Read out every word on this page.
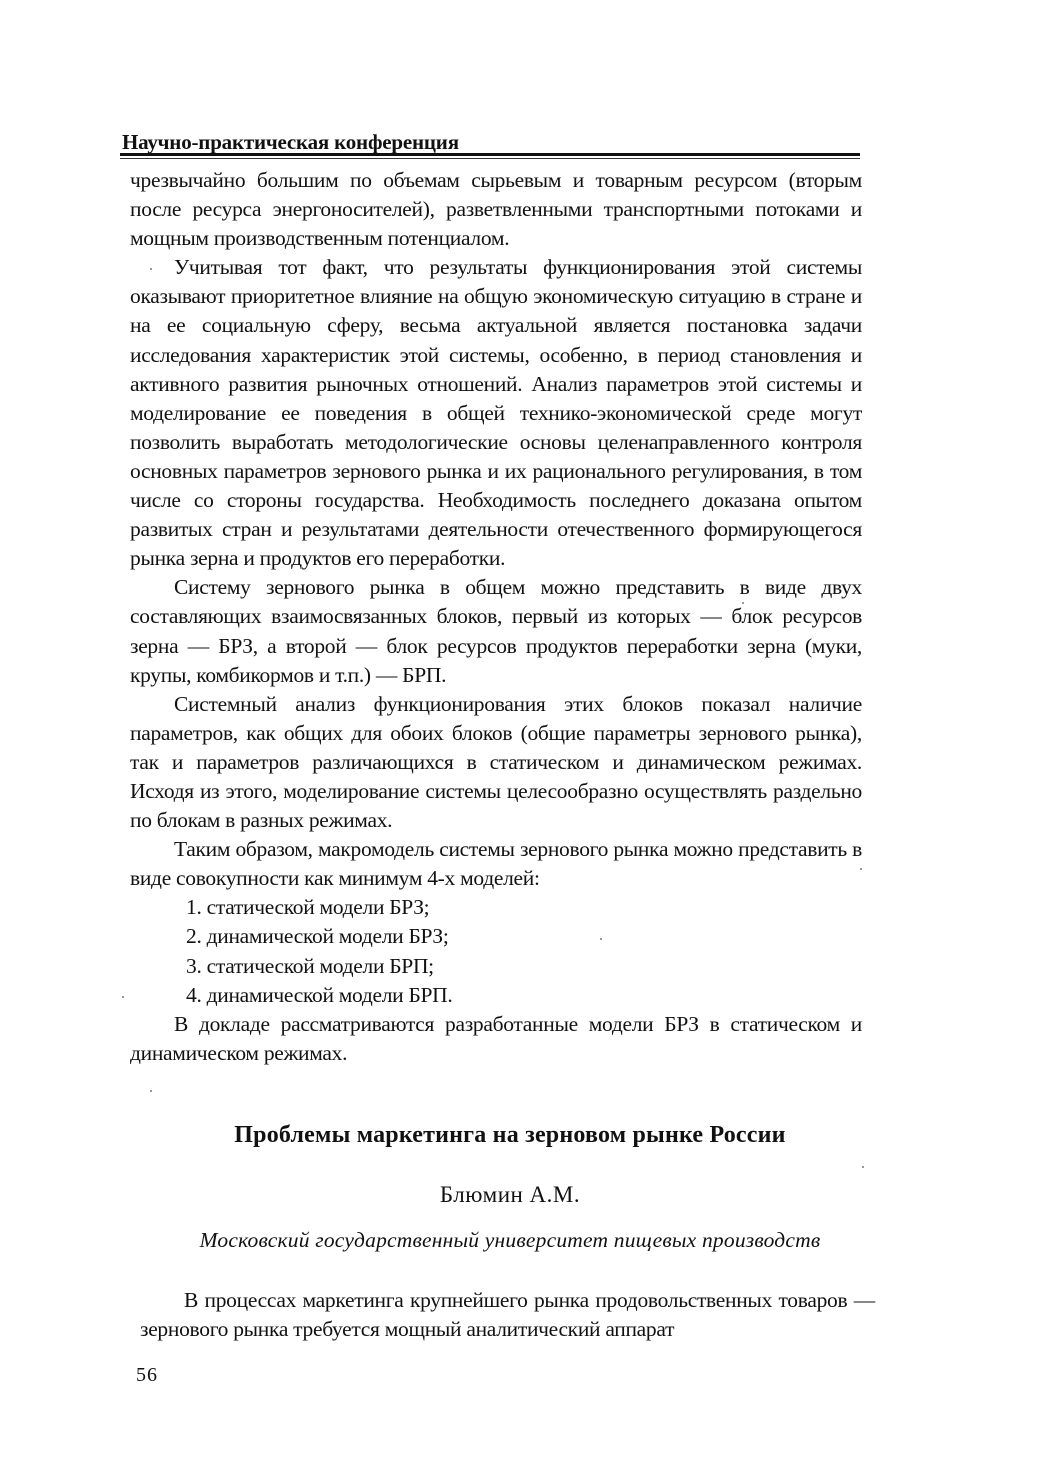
Научно-практическая конференция

чрезвычайно большим по объемам сырьевым и товарным ресурсом (вторым после ресурса энергоносителей), разветвленными транспортными потоками и мощным производственным потенциалом.

Учитывая тот факт, что результаты функционирования этой системы оказывают приоритетное влияние на общую экономическую ситуацию в стране и на ее социальную сферу, весьма актуальной является постановка задачи исследования характеристик этой системы, особенно, в период становления и активного развития рыночных отношений. Анализ параметров этой системы и моделирование ее поведения в общей технико-экономической среде могут позволить выработать методологические основы целенаправленного контроля основных параметров зернового рынка и их рационального регулирования, в том числе со стороны государства. Необходимость последнего доказана опытом развитых стран и результатами деятельности отечественного формирующегося рынка зерна и продуктов его переработки.

Систему зернового рынка в общем можно представить в виде двух составляющих взаимосвязанных блоков, первый из которых — блок ресурсов зерна — БРЗ, а второй — блок ресурсов продуктов переработки зерна (муки, крупы, комбикормов и т.п.) — БРП.

Системный анализ функционирования этих блоков показал наличие параметров, как общих для обоих блоков (общие параметры зернового рынка), так и параметров различающихся в статическом и динамическом режимах. Исходя из этого, моделирование системы целесообразно осуществлять раздельно по блокам в разных режимах.

Таким образом, макромодель системы зернового рынка можно представить в виде совокупности как минимум 4-х моделей:

1. статической модели БРЗ;
2. динамической модели БРЗ;
3. статической модели БРП;
4. динамической модели БРП.

В докладе рассматриваются разработанные модели БРЗ в статическом и динамическом режимах.

Проблемы маркетинга на зерновом рынке России
Блюмин А.М.
Московский государственный университет пищевых производств

В процессах маркетинга крупнейшего рынка продовольственных товаров — зернового рынка требуется мощный аналитический аппарат

56
